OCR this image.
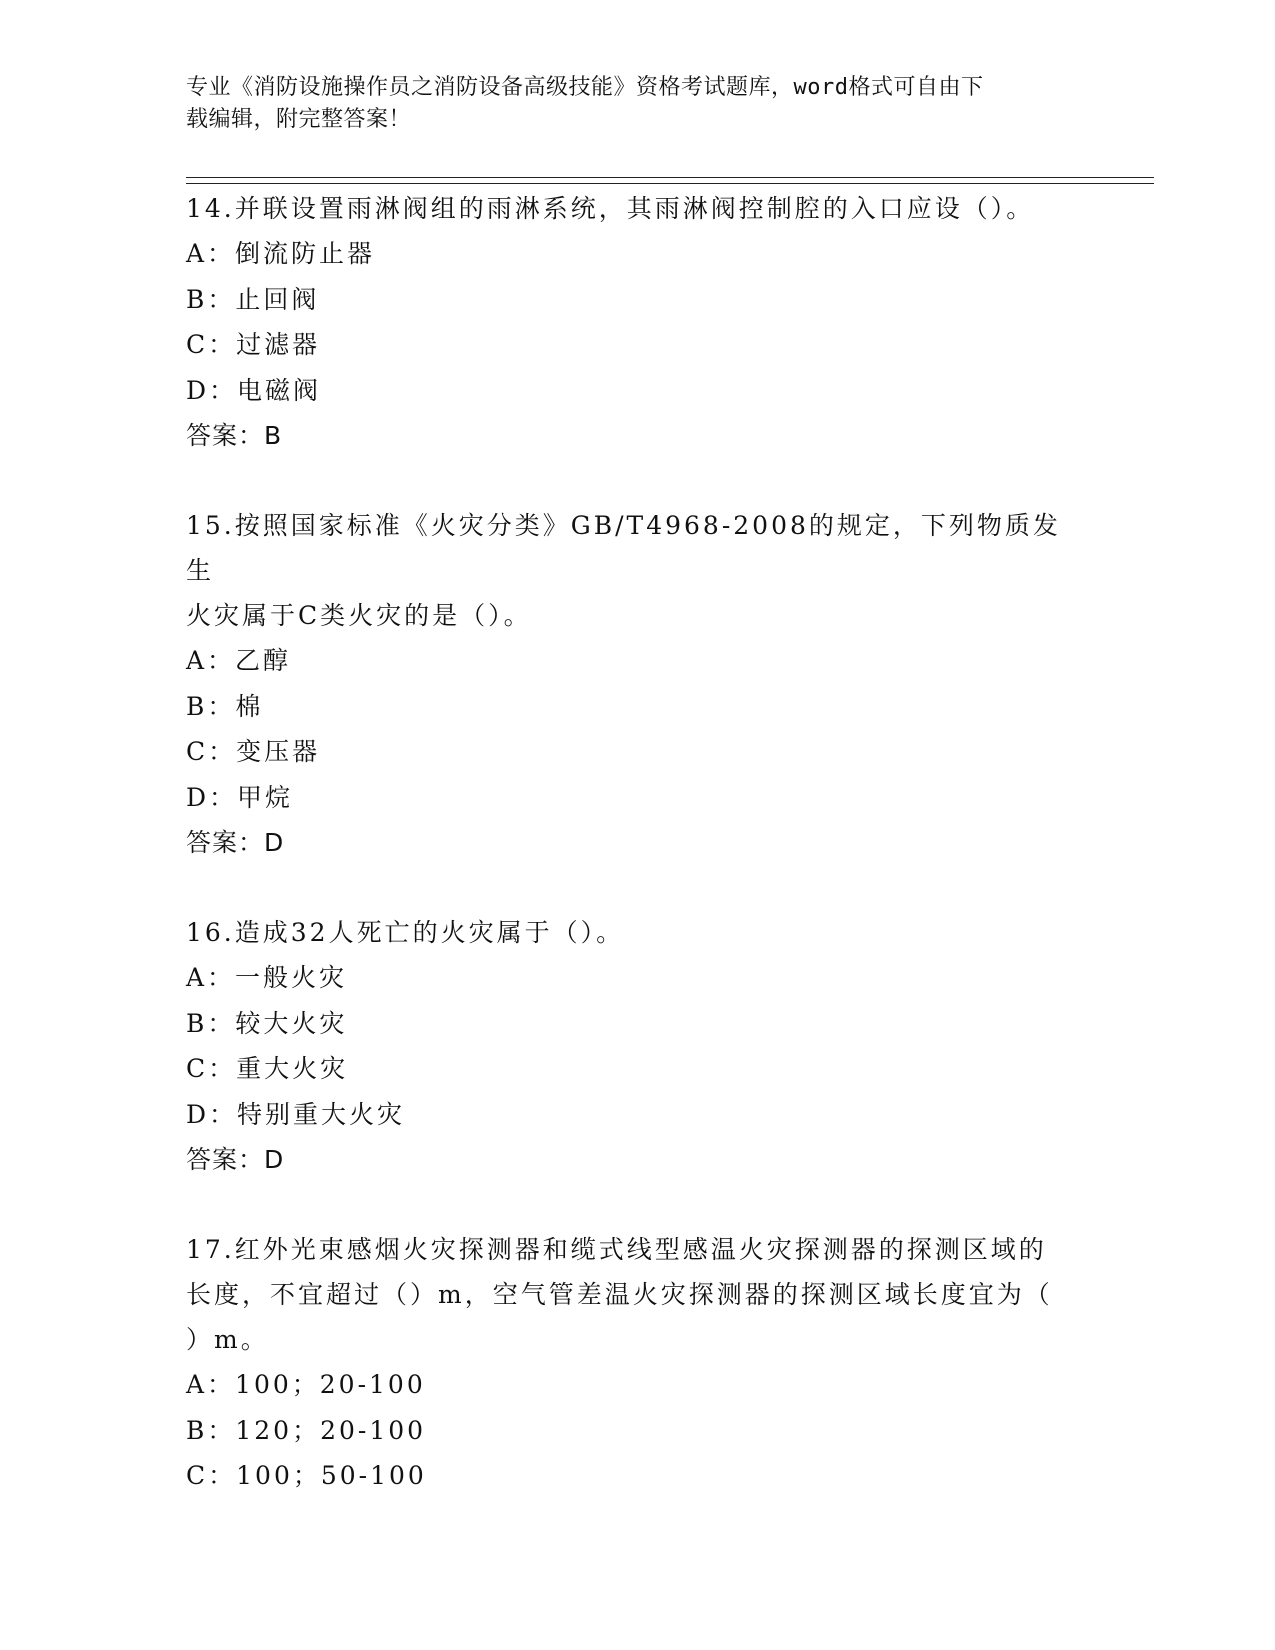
专业《消防设施操作员之消防设备高级技能》资格考试题库，word格式可自由下
载编辑，附完整答案！

14.并联设置雨淋阀组的雨淋系统，其雨淋阀控制腔的入口应设（）。

A：倒流防止器

B：止回阀

C：过滤器

D：电磁阀

答案：B

15.按照国家标准《火灾分类》GB/T4968-2008的规定，下列物质发生

火灾属于C类火灾的是（）。

A：乙醇

B：棉

C：变压器

D：甲烷

答案：D

16.造成32人死亡的火灾属于（）。

A：一般火灾

B：较大火灾

C：重大火灾

D：特别重大火灾

答案：D

17.红外光束感烟火灾探测器和缆式线型感温火灾探测器的探测区域的

长度，不宜超过（）m，空气管差温火灾探测器的探测区域长度宜为（

）m。

A：100；20-100

B：120；20-100

C：100；50-100
